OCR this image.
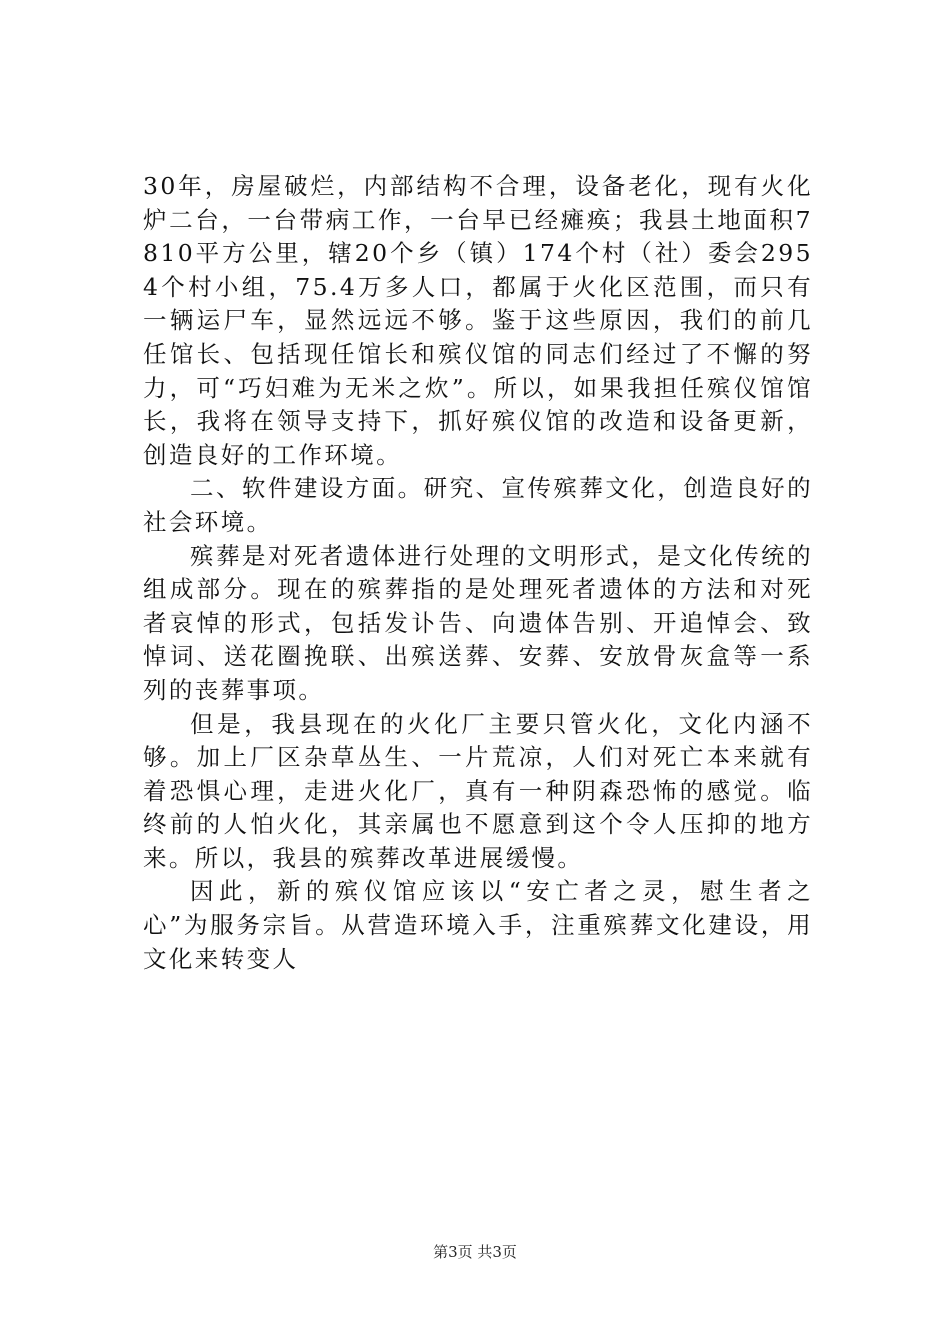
30年，房屋破烂，内部结构不合理，设备老化，现有火化炉二台，一台带病工作，一台早已经瘫痪；我县土地面积7810平方公里，辖20个乡（镇）174个村（社）委会2954个村小组，75.4万多人口，都属于火化区范围，而只有一辆运尸车，显然远远不够。鉴于这些原因，我们的前几任馆长、包括现任馆长和殡仪馆的同志们经过了不懈的努力，可“巧妇难为无米之炊”。所以，如果我担任殡仪馆馆长，我将在领导支持下，抓好殡仪馆的改造和设备更新，创造良好的工作环境。

二、软件建设方面。研究、宣传殡葬文化，创造良好的社会环境。

殡葬是对死者遗体进行处理的文明形式，是文化传统的组成部分。现在的殡葬指的是处理死者遗体的方法和对死者哀悼的形式，包括发讣告、向遗体告别、开追悼会、致悼词、送花圈挽联、出殡送葬、安葬、安放骨灰盒等一系列的丧葬事项。

但是，我县现在的火化厂主要只管火化，文化内涵不够。加上厂区杂草丛生、一片荒凉，人们对死亡本来就有着恐惧心理，走进火化厂，真有一种阴森恐怖的感觉。临终前的人怕火化，其亲属也不愿意到这个令人压抑的地方来。所以，我县的殡葬改革进展缓慢。

因此，新的殡仪馆应该以“安亡者之灵，慰生者之心”为服务宗旨。从营造环境入手，注重殡葬文化建设，用文化来转变人

第3页 共3页
